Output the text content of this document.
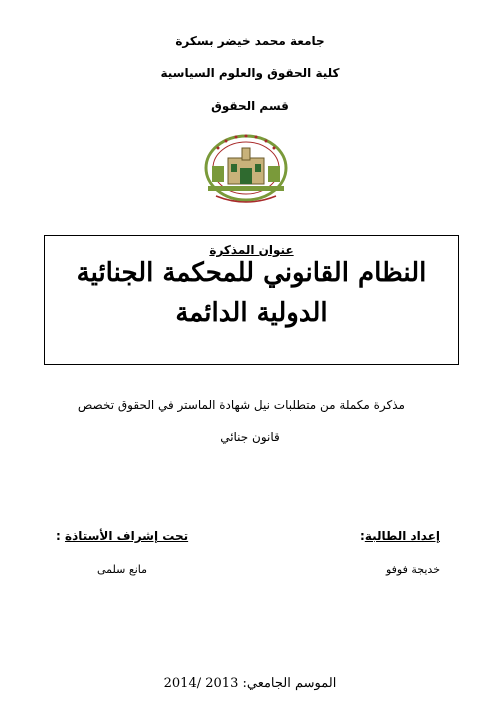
جامعة محمد خيضر بسكرة
كلية الحقوق والعلوم السياسية
قسم الحقوق
عنوان المذكرة
النظام القانوني للمحكمة الجنائية
الدولية الدائمة
مذكرة مكملة من متطلبات نيل شهادة الماستر في الحقوق تخصص
قانون جنائي
إعداد الطالبة:
تحت إشراف الأستاذة :
خديجة فوفو
مانع سلمى
الموسم الجامعي: 2013 /2014
